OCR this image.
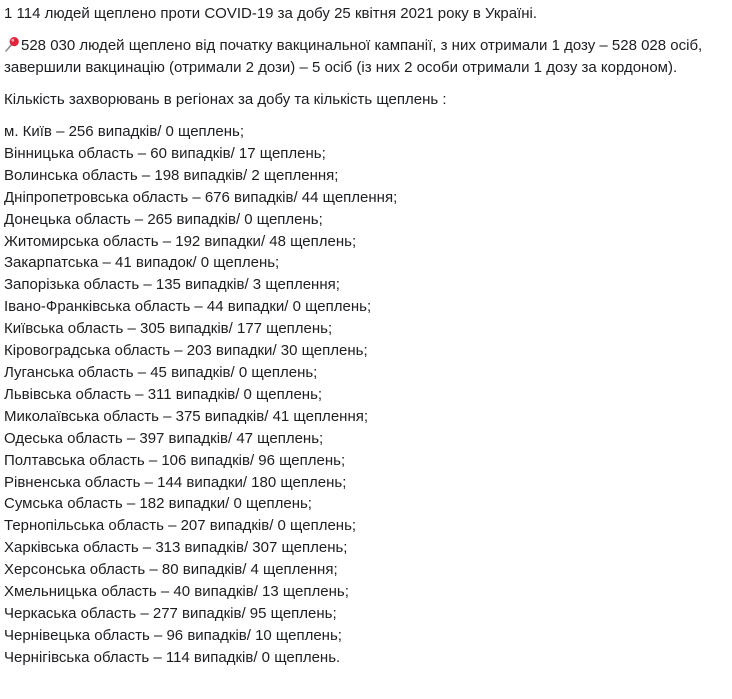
1 114 людей щеплено проти COVID-19 за добу 25 квітня 2021 року в Україні.
528 030 людей щеплено від початку вакцинальної кампанії, з них отримали 1 дозу – 528 028 осіб, завершили вакцинацію (отримали 2 дози) – 5 осіб (із них 2 особи отримали 1 дозу за кордоном).
Кількість захворювань в регіонах за добу та кількість щеплень :
м. Київ – 256 випадків/ 0 щеплень;
Вінницька область – 60 випадків/ 17 щеплень;
Волинська область – 198 випадків/ 2 щеплення;
Дніпропетровська область – 676 випадків/ 44 щеплення;
Донецька область – 265 випадків/ 0 щеплень;
Житомирська область – 192 випадки/ 48 щеплень;
Закарпатська – 41 випадок/ 0 щеплень;
Запорізька область – 135 випадків/ 3 щеплення;
Івано-Франківська область – 44 випадки/ 0 щеплень;
Київська область – 305 випадків/ 177 щеплень;
Кіровоградська область – 203 випадки/ 30 щеплень;
Луганська область – 45 випадків/ 0 щеплень;
Львівська область – 311 випадків/ 0 щеплень;
Миколаївська область – 375 випадків/ 41 щеплення;
Одеська область – 397 випадків/ 47 щеплень;
Полтавська область – 106 випадків/ 96 щеплень;
Рівненська область – 144 випадки/ 180 щеплень;
Сумська область – 182 випадки/ 0 щеплень;
Тернопільська область – 207 випадків/ 0 щеплень;
Харківська область – 313 випадків/ 307 щеплень;
Херсонська область – 80 випадків/ 4 щеплення;
Хмельницька область – 40 випадків/ 13 щеплень;
Черкаська область – 277 випадків/ 95 щеплень;
Чернівецька область – 96 випадків/ 10 щеплень;
Чернігівська область – 114 випадків/ 0 щеплень.
